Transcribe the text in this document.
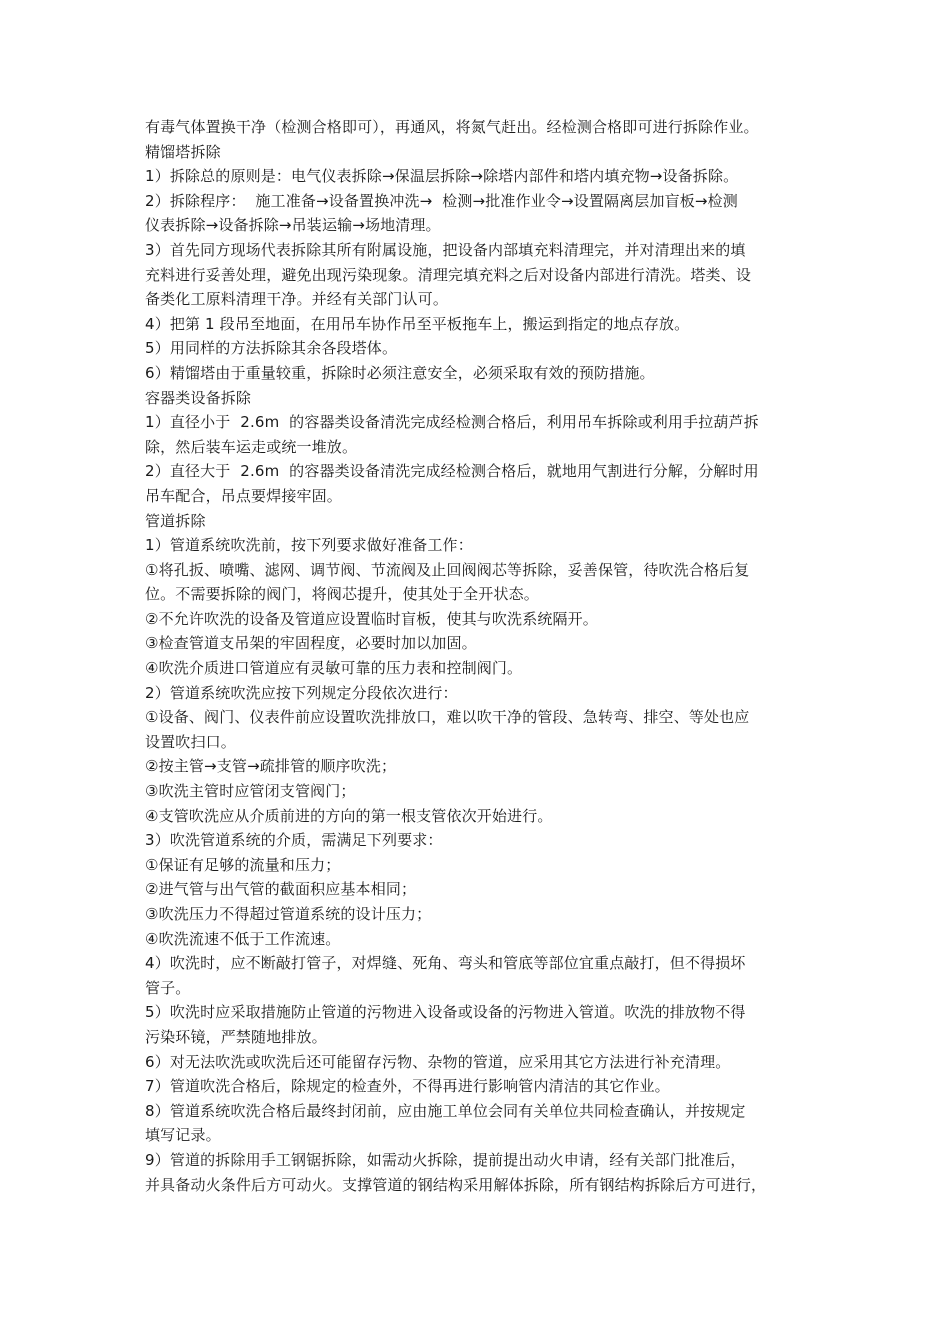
有毒气体置换干净（检测合格即可），再通风，将氮气赶出。经检测合格即可进行拆除作业。
精馏塔拆除
1）拆除总的原则是：电气仪表拆除→保温层拆除→除塔内部件和塔内填充物→设备拆除。
2）拆除程序：  施工准备→设备置换冲洗→  检测→批准作业令→设置隔离层加盲板→检测
仪表拆除→设备拆除→吊装运输→场地清理。
3）首先同方现场代表拆除其所有附属设施，把设备内部填充料清理完，并对清理出来的填
充料进行妥善处理，避免出现污染现象。清理完填充料之后对设备内部进行清洗。塔类、设
备类化工原料清理干净。并经有关部门认可。
4）把第 1 段吊至地面，在用吊车协作吊至平板拖车上，搬运到指定的地点存放。
5）用同样的方法拆除其余各段塔体。
6）精馏塔由于重量较重，拆除时必须注意安全，必须采取有效的预防措施。
容器类设备拆除
1）直径小于  2.6m  的容器类设备清洗完成经检测合格后，利用吊车拆除或利用手拉葫芦拆
除，然后装车运走或统一堆放。
2）直径大于  2.6m  的容器类设备清洗完成经检测合格后，就地用气割进行分解，分解时用
吊车配合，吊点要焊接牢固。
管道拆除
1）管道系统吹洗前，按下列要求做好准备工作：
①将孔扳、喷嘴、滤网、调节阀、节流阀及止回阀阀芯等拆除，妥善保管，待吹洗合格后复
位。不需要拆除的阀门，将阀芯提升，使其处于全开状态。
②不允许吹洗的设备及管道应设置临时盲板，使其与吹洗系统隔开。
③检查管道支吊架的牢固程度，必要时加以加固。
④吹洗介质进口管道应有灵敏可靠的压力表和控制阀门。
2）管道系统吹洗应按下列规定分段依次进行：
①设备、阀门、仪表件前应设置吹洗排放口，难以吹干净的管段、急转弯、排空、等处也应
设置吹扫口。
②按主管→支管→疏排管的顺序吹洗；
③吹洗主管时应管闭支管阀门；
④支管吹洗应从介质前进的方向的第一根支管依次开始进行。
3）吹洗管道系统的介质，需满足下列要求：
①保证有足够的流量和压力；
②进气管与出气管的截面积应基本相同；
③吹洗压力不得超过管道系统的设计压力；
④吹洗流速不低于工作流速。
4）吹洗时，应不断敲打管子，对焊缝、死角、弯头和管底等部位宜重点敲打，但不得损坏
管子。
5）吹洗时应采取措施防止管道的污物进入设备或设备的污物进入管道。吹洗的排放物不得
污染环镜，严禁随地排放。
6）对无法吹洗或吹洗后还可能留存污物、杂物的管道，应采用其它方法进行补充清理。
7）管道吹洗合格后，除规定的检查外，不得再进行影响管内清洁的其它作业。
8）管道系统吹洗合格后最终封闭前，应由施工单位会同有关单位共同检查确认，并按规定
填写记录。
9）管道的拆除用手工钢锯拆除，如需动火拆除，提前提出动火申请，经有关部门批准后，
并具备动火条件后方可动火。支撑管道的钢结构采用解体拆除，所有钢结构拆除后方可进行，
